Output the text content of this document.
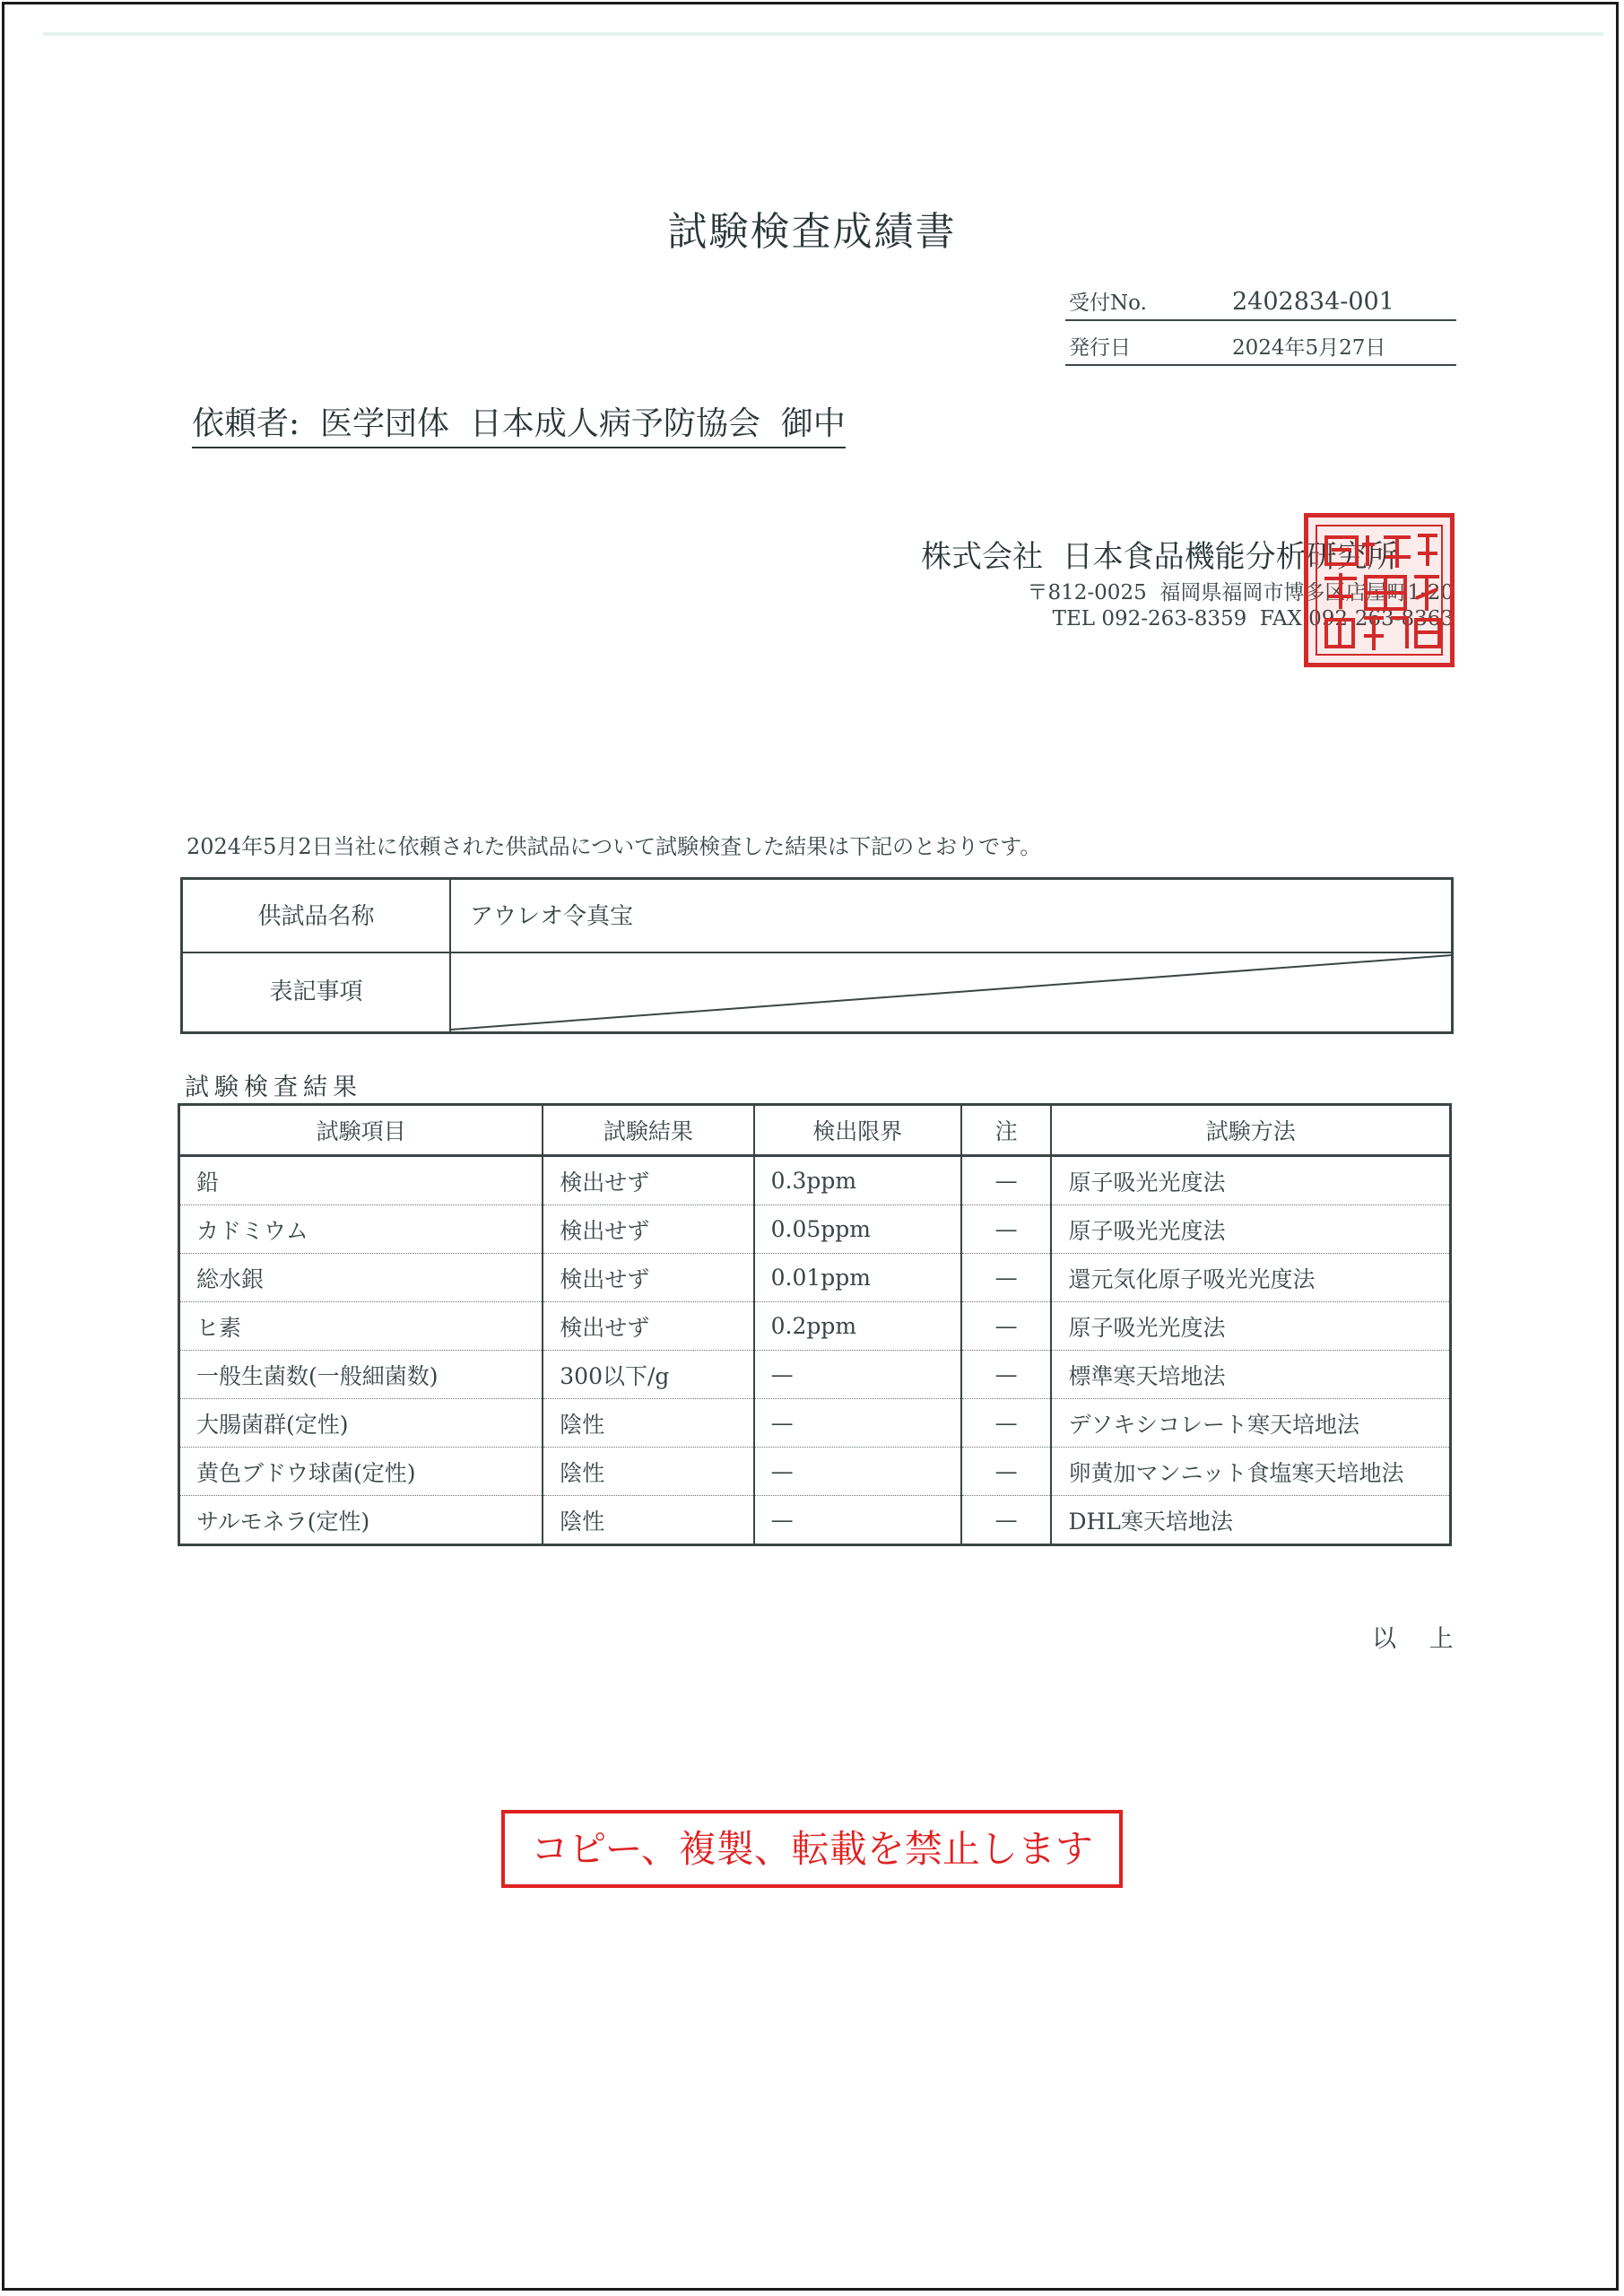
試験検査成績書
受付No.	2402834-001
発行日	2024年5月27日
依頼者:  医学団体  日本成人病予防協会  御中
株式会社  日本食品機能分析研究所
〒812-0025  福岡県福岡市博多区店屋町1-20
TEL 092-263-8359  FAX 092-263-8363
2024年5月2日当社に依頼された供試品について試験検査した結果は下記のとおりです。
供試品名称	アウレオ令真宝
表記事項
試験検査結果
試験項目	試験結果	検出限界	注	試験方法
鉛	検出せず	0.3ppm	—	原子吸光光度法
カドミウム	検出せず	0.05ppm	—	原子吸光光度法
総水銀	検出せず	0.01ppm	—	還元気化原子吸光光度法
ヒ素	検出せず	0.2ppm	—	原子吸光光度法
一般生菌数(一般細菌数)	300以下/g	—	—	標準寒天培地法
大腸菌群(定性)	陰性	—	—	デソキシコレート寒天培地法
黄色ブドウ球菌(定性)	陰性	—	—	卵黄加マンニット食塩寒天培地法
サルモネラ(定性)	陰性	—	—	DHL寒天培地法
以 上
コピー、複製、転載を禁止します
